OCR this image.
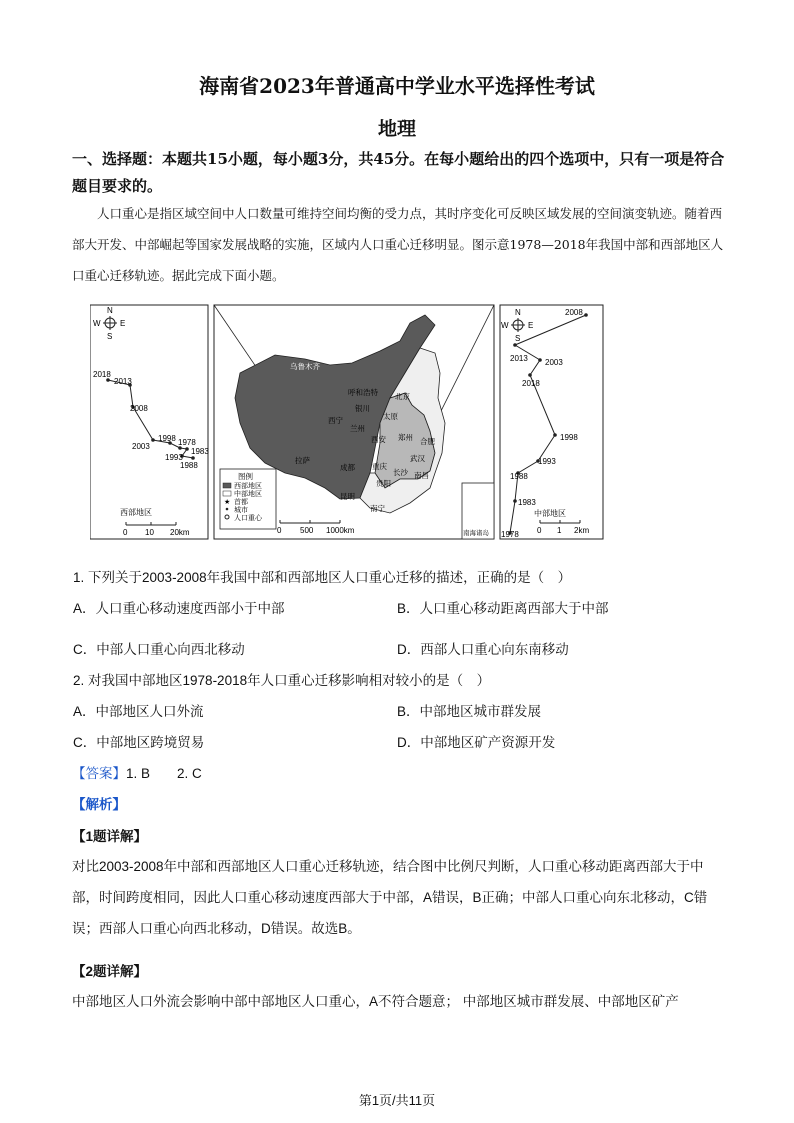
海南省2023年普通高中学业水平选择性考试
地理
一、选择题：本题共15小题，每小题3分，共45分。在每小题给出的四个选项中，只有一项是符合题目要求的。
人口重心是指区域空间中人口数量可维持空间均衡的受力点，其时序变化可反映区域发展的空间演变轨迹。随着西部大开发、中部崛起等国家发展战略的实施，区域内人口重心迁移明显。图示意1978—2018年我国中部和西部地区人口重心迁移轨迹。据此完成下面小题。
N
S
W E
2018
2013
2008
2003
1998 1978
1983
1993
1988
西部地区
0 10 20km
乌鲁木齐
呼和浩特 北京
银川
太原
西宁
兰州
西安 郑州 合肥
武汉
拉萨
成都 重庆
长沙 南昌
贵阳
昆明
南宁
图例
西部地区
中部地区
★ 首都
城市
人口重心
0 500 1000km	南海诸岛
N
S
W E
2008
2013 2003
2018
1998
1993
1988
1983
1978
中部地区
0 1 2km
1. 下列关于2003-2008年我国中部和西部地区人口重心迁移的描述，正确的是（　）
A．人口重心移动速度西部小于中部	B．人口重心移动距离西部大于中部
C．中部人口重心向西北移动	D．西部人口重心向东南移动
2. 对我国中部地区1978-2018年人口重心迁移影响相对较小的是（　）
A．中部地区人口外流	B．中部地区城市群发展
C．中部地区跨境贸易	D．中部地区矿产资源开发
【答案】1. B　　2. C
【解析】
【1题详解】
对比2003-2008年中部和西部地区人口重心迁移轨迹，结合图中比例尺判断，人口重心移动距离西部大于中部，时间跨度相同，因此人口重心移动速度西部大于中部，A错误，B正确；中部人口重心向东北移动，C错误；西部人口重心向西北移动，D错误。故选B。
【2题详解】
中部地区人口外流会影响中部中部地区人口重心，A不符合题意； 中部地区城市群发展、中部地区矿产
第1页/共11页
